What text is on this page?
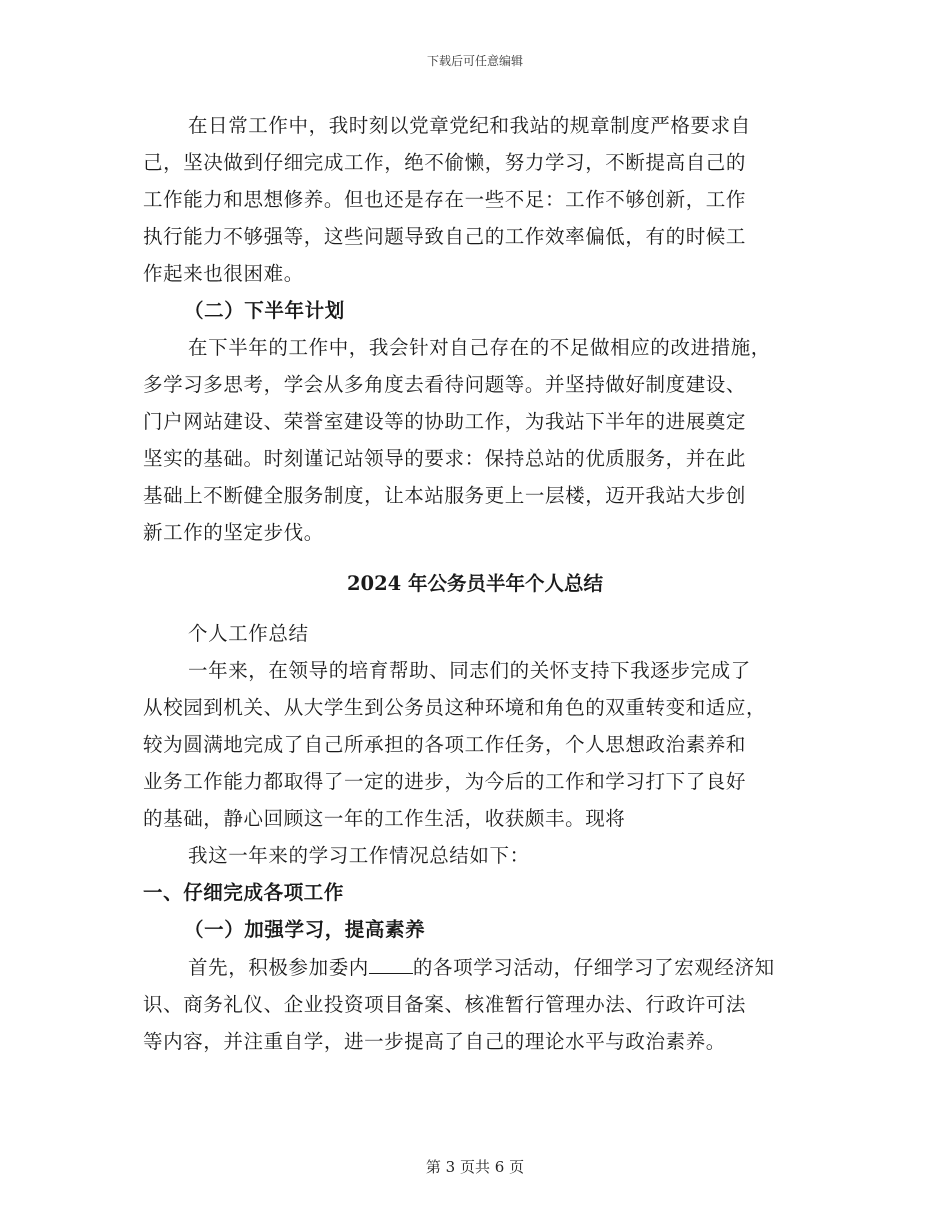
下载后可任意编辑
在日常工作中，我时刻以党章党纪和我站的规章制度严格要求自
己，坚决做到仔细完成工作，绝不偷懒，努力学习，不断提高自己的
工作能力和思想修养。但也还是存在一些不足：工作不够创新，工作
执行能力不够强等，这些问题导致自己的工作效率偏低，有的时候工
作起来也很困难。
（二）下半年计划
在下半年的工作中，我会针对自己存在的不足做相应的改进措施，
多学习多思考，学会从多角度去看待问题等。并坚持做好制度建设、
门户网站建设、荣誉室建设等的协助工作，为我站下半年的进展奠定
坚实的基础。时刻谨记站领导的要求：保持总站的优质服务，并在此
基础上不断健全服务制度，让本站服务更上一层楼，迈开我站大步创
新工作的坚定步伐。
2024 年公务员半年个人总结
个人工作总结
一年来，在领导的培育帮助、同志们的关怀支持下我逐步完成了
从校园到机关、从大学生到公务员这种环境和角色的双重转变和适应，
较为圆满地完成了自己所承担的各项工作任务，个人思想政治素养和
业务工作能力都取得了一定的进步，为今后的工作和学习打下了良好
的基础，静心回顾这一年的工作生活，收获颇丰。现将
我这一年来的学习工作情况总结如下：
一、仔细完成各项工作
（一）加强学习，提高素养
首先，积极参加委内 的各项学习活动，仔细学习了宏观经济知
识、商务礼仪、企业投资项目备案、核准暂行管理办法、行政许可法
等内容，并注重自学，进一步提高了自己的理论水平与政治素养。
第 3 页共 6 页
